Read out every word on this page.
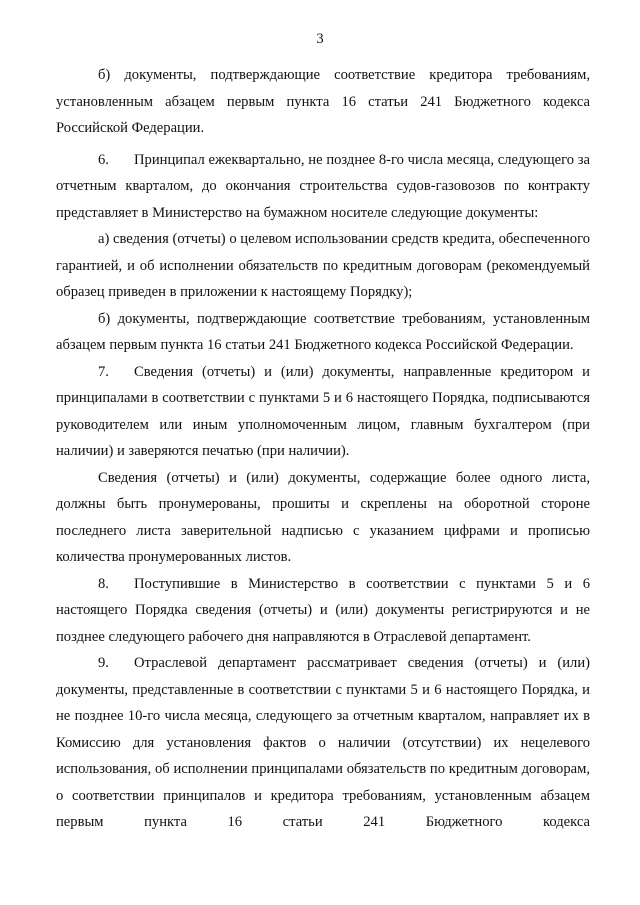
3

б) документы, подтверждающие соответствие кредитора требованиям, установленным абзацем первым пункта 16 статьи 241 Бюджетного кодекса Российской Федерации.

6. Принципал ежеквартально, не позднее 8-го числа месяца, следующего за отчетным кварталом, до окончания строительства судов-газовозов по контракту представляет в Министерство на бумажном носителе следующие документы:

а) сведения (отчеты) о целевом использовании средств кредита, обеспеченного гарантией, и об исполнении обязательств по кредитным договорам (рекомендуемый образец приведен в приложении к настоящему Порядку);

б) документы, подтверждающие соответствие требованиям, установленным абзацем первым пункта 16 статьи 241 Бюджетного кодекса Российской Федерации.

7. Сведения (отчеты) и (или) документы, направленные кредитором и принципалами в соответствии с пунктами 5 и 6 настоящего Порядка, подписываются руководителем или иным уполномоченным лицом, главным бухгалтером (при наличии) и заверяются печатью (при наличии).

Сведения (отчеты) и (или) документы, содержащие более одного листа, должны быть пронумерованы, прошиты и скреплены на оборотной стороне последнего листа заверительной надписью с указанием цифрами и прописью количества пронумерованных листов.

8. Поступившие в Министерство в соответствии с пунктами 5 и 6 настоящего Порядка сведения (отчеты) и (или) документы регистрируются и не позднее следующего рабочего дня направляются в Отраслевой департамент.

9. Отраслевой департамент рассматривает сведения (отчеты) и (или) документы, представленные в соответствии с пунктами 5 и 6 настоящего Порядка, и не позднее 10-го числа месяца, следующего за отчетным кварталом, направляет их в Комиссию для установления фактов о наличии (отсутствии) их нецелевого использования, об исполнении принципалами обязательств по кредитным договорам, о соответствии принципалов и кредитора требованиям, установленным абзацем первым пункта 16 статьи 241 Бюджетного кодекса
